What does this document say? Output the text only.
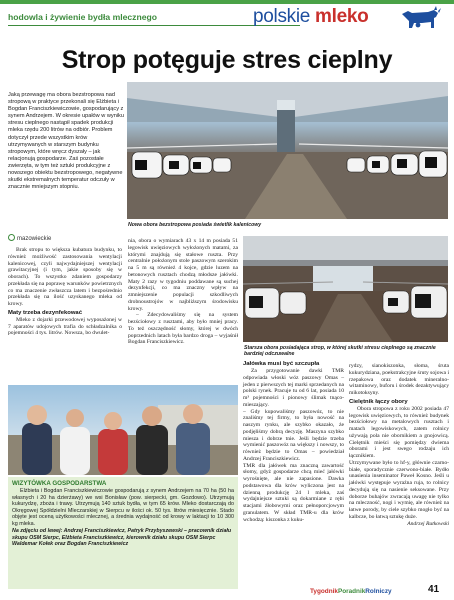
hodowla i żywienie bydła mlecznego	polskie mleko
Strop potęguje stres cieplny
Jaką przewagę ma obora bezstropowa nad stropową w praktyce przekonali się Elżbieta i Bogdan Franciszkiewiczowie, gospodarujący z synem Andrzejem. W okresie upałów w wyniku stresu cieplnego nastąpił spadek produkcji mleka rzędu 200 litrów na odbiór. Problem dotyczył przede wszystkim krów utrzymywanych w starszym budynku stropowym, które wręcz dyszały – jak relacjonują gospodarze. Zaś pozostałe zwierzęta, w tym też sztuki produkcyjne z nowszego obiektu bezstropowego, negatywne skutki ekstremalnych temperatur odczuły w znacznie mniejszym stopniu.
Nowa obora bezstropowa posiada świetlik kalenicowy
mazowieckie
Brak stropu to większa kubatura budynku, to również możliwość zastosowania wentylacji kalenicowej, czyli najwydajniejszej wentylacji grawitacyjnej (i tym, jakie sposoby się w oborach). To wszystko zdaniem gospodarzy przekłada się na poprawę warunków powietrznych co ma znaczenie zwłaszcza latem i bezpośrednio przekłada się na ilość uzyskanego mleka od krowy.
Maty trzeba dezynfekować
Mleko z dojarki przewodowej wyposażonej w 7 aparatów udojowych trafia do schładzalnika o pojemności 4 tys. litrów. Nowsza, bo dwulet-
nia, obora o wymiarach 43 x 14 m posiada 51 legowisk uwięziowych wyłożonych matami, za którymi znajdują się stałowe ruszta. Przy centralnie położonym stole paszowym szerokim na 5 m są również 4 kojce, gdzie luzem na betonowych rusztach chodzą młodsze jałówki. Maty 2 razy w tygodniu poddawane są suchej dezynfekcji, co ma znaczny wpływ na zmniejszenie populacji szkodliwych drobnoustrojów w najbliższym środowisku krowy.
– Zdecydowaliśmy się na system bezściołowy z rusztami, aby było mniej pracy. To też oszczędność słomy, której w dwóch poprzednich latach była bardzo droga – wyjaśnił Bogdan Franciszkiewicz.
Starsza obora posiadająca strop, w której skutki stresu cieplnego są znacznie bardziej odczuwalne
WIZYTÓWKA GOSPODARSTWA
Elżbieta i Bogdan Franciszkiewiczowie gospodarują z synem Andrzejem na 70 ha (50 ha własnych i 20 ha dzierżawy) we wsi Bonisław (pow. sierpecki, gm. Gozdowo). Utrzymują kukurydzę, zboża i trawy. Utrzymują 140 sztuk bydła, w tym 65 krów. Mleko dostarczają do Okręgowej Spółdzielni Mleczarskiej w Sierpcu w ilości ok. 50 tys. litrów miesięcznie. Stado objęte jest oceną użytkowości mlecznej, a średnia wydajność od krowy w laktacji to 10 300 kg mleka.
Na zdjęciu od lewej: Andrzej Franciszkiewicz, Patryk Przybyszewski – pracownik działu skupu OSM Sierpc, Elżbieta Franciszkiewicz, kierownik działu skupu OSM Sierpc Waldemar Kołek oraz Bogdan Franciszkiewicz
Jałówka musi być szczupła
Za przygotowanie dawki TMR odpowiada włoski wóz paszowy Omas – jeden z pierwszych tej marki sprzedanych na polski rynek. Pracuje tu od 6 lat, posiada 10 m³ pojemności i pionowy ślimak tnąco-mieszający.
– Gdy kupowaliśmy paszowóz, to nie znaliśmy tej firmy, to była nowość na naszym rynku, ale szybko okazało, że podjęliśmy dobrą decyzję. Maszyna szybko miesza i dobrze tnie. Jeśli będzie trzeba wymienić paszowóz na większy i nowszy, to również będzie to Omas – powiedział Andrzej Franciszkiewicz.
TMR dla jałówek ma znaczną zawartość słomy, gdyż gospodarze chcą mieć jałówki wyrośnięte, ale nie zapasione. Dawka podstawowa dla krów wyliczona jest na dzienną produkcję 24 l mleka, zaś wydajniejsze sztuki są dokarmiane z rębi stacjami żłobowymi oraz pełnoporcjowym granulatem. W skład TMR-u dla krów wchodzą: kiszonka z kuku-
rydzy, sianokiszonka, słoma, śruta kukurydziana, poekstrakcyjne śruty sojowa i rzepakowa oraz dodatek mineralno-witaminowy, buforu i środek dezaktywujący mikotoksyny.
Cielętnik łączy obory
Obora stropowa z roku 2002 posiada 47 legowisk uwięziowych, to również budynek bezściołowy na metalowych rusztach i matach legowiskowych, zatem rolnicy używają pola nie obornikiem a gnojowicą. Cielętnik mieści się pomiędzy dwiema oborami i jest swego rodzaju ich łącznikiem.
Utrzymywane było to hf-y, głównie czarno-białe, sporadycznie czerwono-białe. Bydło unasienia inseminator Paweł Kosno. Jeśli u jałówki występuje wyraźna ruja, to rolnicy decydują się na nasienie seksowane. Przy doborze buhajów zwracają uwagę nie tylko na mleczność, nogi i wymię, ale również na łatwe porody, by ciele szybko mogło być na kalbcze, bo łatwą sztukę duże.
Andrzej Rutkowski
TygodnikPoradnikRolniczy	41
